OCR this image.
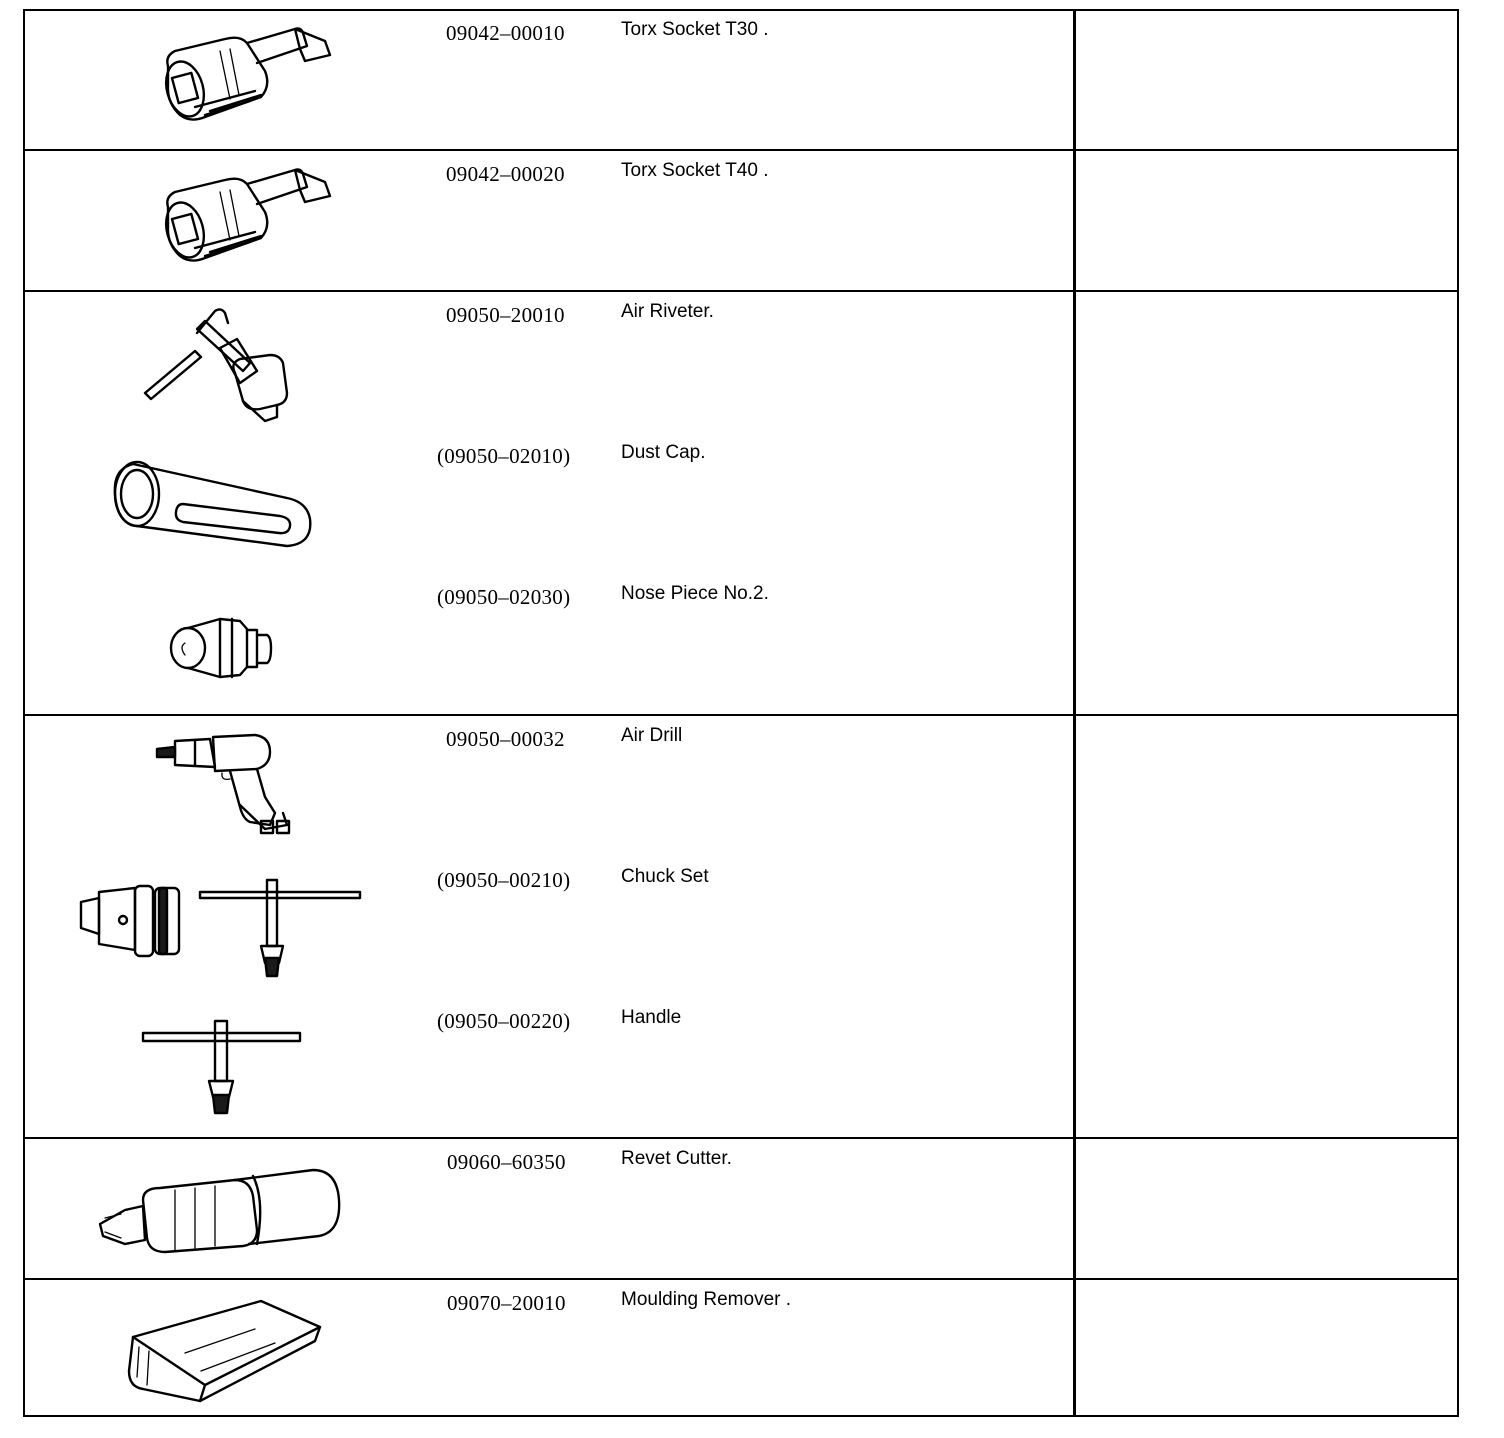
09042–00010	Torx Socket T30 .
09042–00020	Torx Socket T40 .
09050–20010	Air Riveter.
(09050–02010)	Dust Cap.
(09050–02030)	Nose Piece No.2.
09050–00032	Air Drill
(09050–00210)	Chuck Set
(09050–00220)	Handle
09060–60350	Revet Cutter.
09070–20010	Moulding Remover .
